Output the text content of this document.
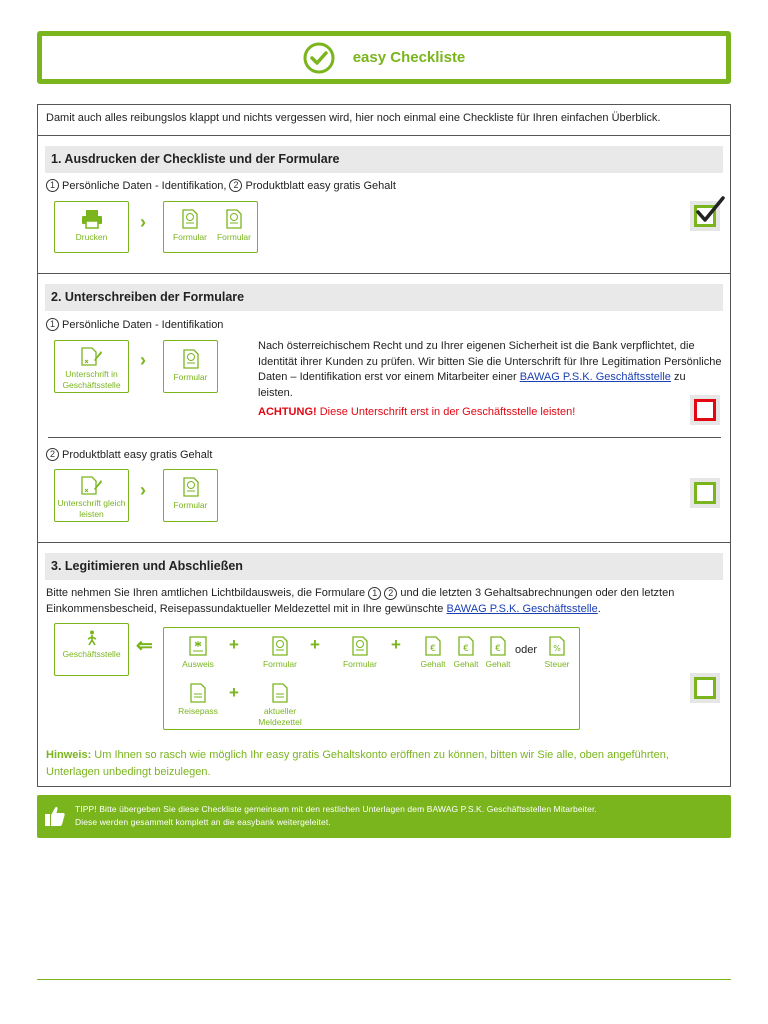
easy Checkliste
Damit auch alles reibungslos klappt und nichts vergessen wird, hier noch einmal eine Checkliste für Ihren einfachen Überblick.
1. Ausdrucken der Checkliste und der Formulare
1 Persönliche Daten - Identifikation, 2 Produktblatt easy gratis Gehalt
Drucken
›
Formular Formular
2. Unterschreiben der Formulare
1 Persönliche Daten - Identifikation
Unterschrift in Geschäftsstelle
›
Formular
Nach österreichischem Recht und zu Ihrer eigenen Sicherheit ist die Bank verpflichtet, die Identität ihrer Kunden zu prüfen. Wir bitten Sie die Unterschrift für Ihre Legitimation Persönliche Daten – Identifikation erst vor einem Mitarbeiter einer BAWAG P.S.K. Geschäftsstelle zu leisten.
ACHTUNG! Diese Unterschrift erst in der Geschäftsstelle leisten!
2 Produktblatt easy gratis Gehalt
Unterschrift gleich leisten
›
Formular
3. Legitimieren und Abschließen
Bitte nehmen Sie Ihren amtlichen Lichtbildausweis, die Formulare 1 2 und die letzten 3 Gehaltsabrechnungen oder den letzten Einkommensbescheid, Reisepassundaktueller Meldezettel mit in Ihre gewünschte BAWAG P.S.K. Geschäftsstelle.
Geschäftsstelle ⇐
Ausweis
+
Formular
+
Formular
+	€
Gehalt
€
Gehalt
€
Gehalt
oder %
Steuer
Reisepass
+
aktueller Meldezettel
Hinweis: Um Ihnen so rasch wie möglich Ihr easy gratis Gehaltskonto eröffnen zu können, bitten wir Sie alle, oben angeführten, Unterlagen unbedingt beizulegen.
TIPP! Bitte übergeben Sie diese Checkliste gemeinsam mit den restlichen Unterlagen dem BAWAG P.S.K. Geschäftsstellen Mitarbeiter.
Diese werden gesammelt komplett an die easybank weitergeleitet.
